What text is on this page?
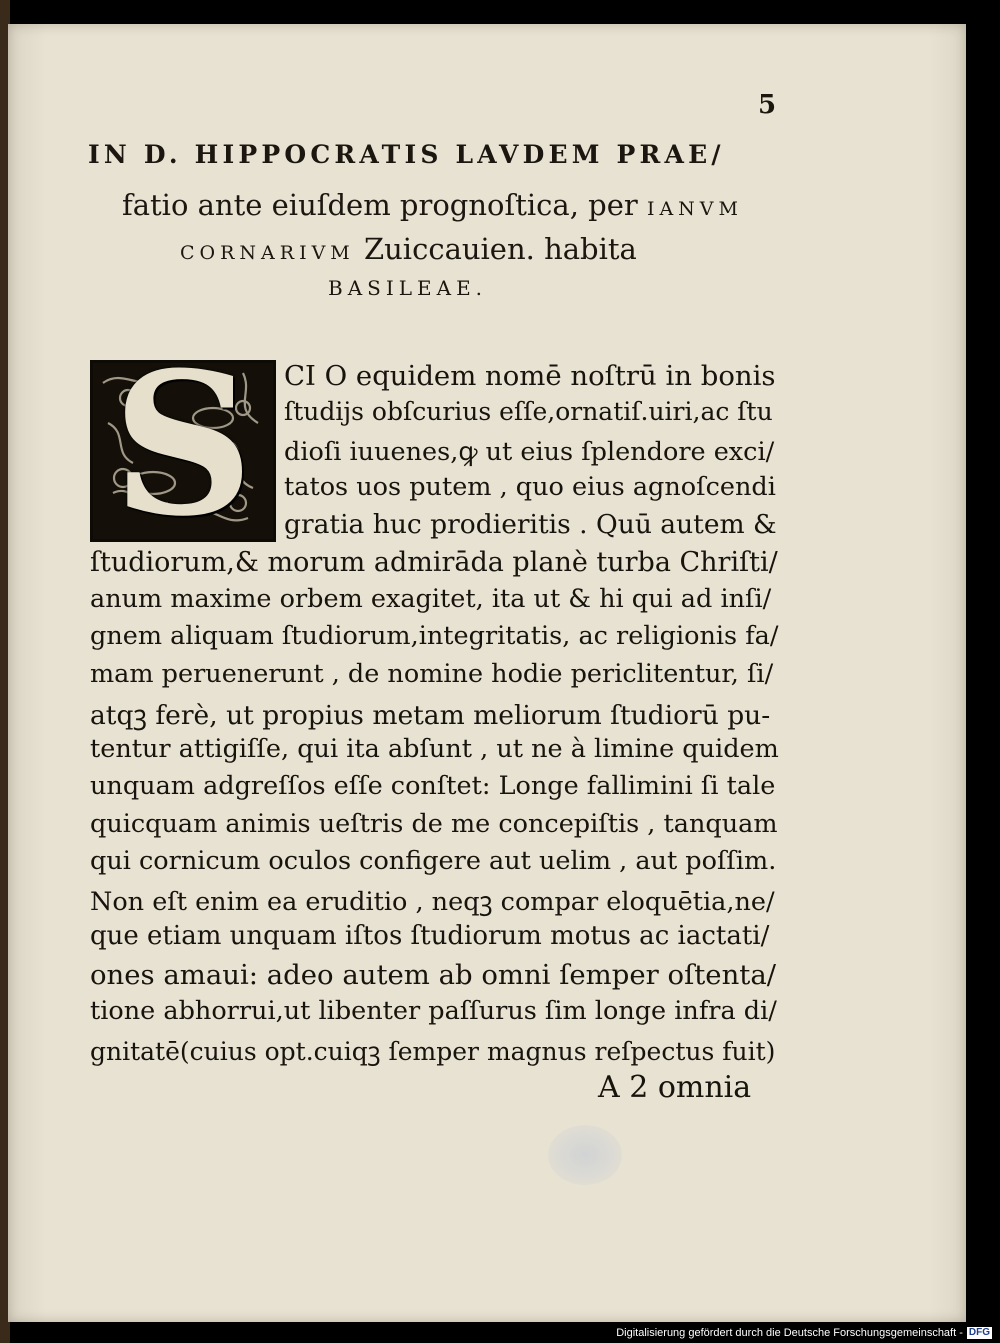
5
IN D. HIPPOCRATIS LAVDEM PRAE/
fatio ante eiuſdem prognoſtica, per IANVM
CORNARIVM Zuiccauien. habita
BASILEAE.
S	CI O equidem nomē noſtrū in bonis
ſtudijs obſcurius eſſe,ornatiſ.uiri,ac ſtu
dioſi iuuenes,ꝙ ut eius ſplendore exci/
tatos uos putem , quo eius agnoſcendi
gratia huc prodieritis . Quū autem &
ſtudiorum,& morum admirāda planè turba Chriſti/
anum maxime orbem exagitet, ita ut & hi qui ad inſi/
gnem aliquam ſtudiorum,integritatis, ac religionis fa/
mam peruenerunt , de nomine hodie periclitentur, ſi/
atqꝫ ferè, ut propius metam meliorum ſtudiorū pu-
tentur attigiſſe, qui ita abſunt , ut ne à limine quidem
unquam adgreſſos eſſe conſtet: Longe fallimini ſi tale
quicquam animis ueſtris de me concepiſtis , tanquam
qui cornicum oculos configere aut uelim , aut poſſim.
Non eſt enim ea eruditio , neqꝫ compar eloquētia,ne/
que etiam unquam iſtos ſtudiorum motus ac iactati/
ones amaui: adeo autem ab omni ſemper oſtenta/
tione abhorrui,ut libenter paſſurus ſim longe infra di/
gnitatē(cuius opt.cuiqꝫ ſemper magnus reſpectus fuit)
A 2 omnia
Digitalisierung gefördert durch die Deutsche Forschungsgemeinschaft - DFG
